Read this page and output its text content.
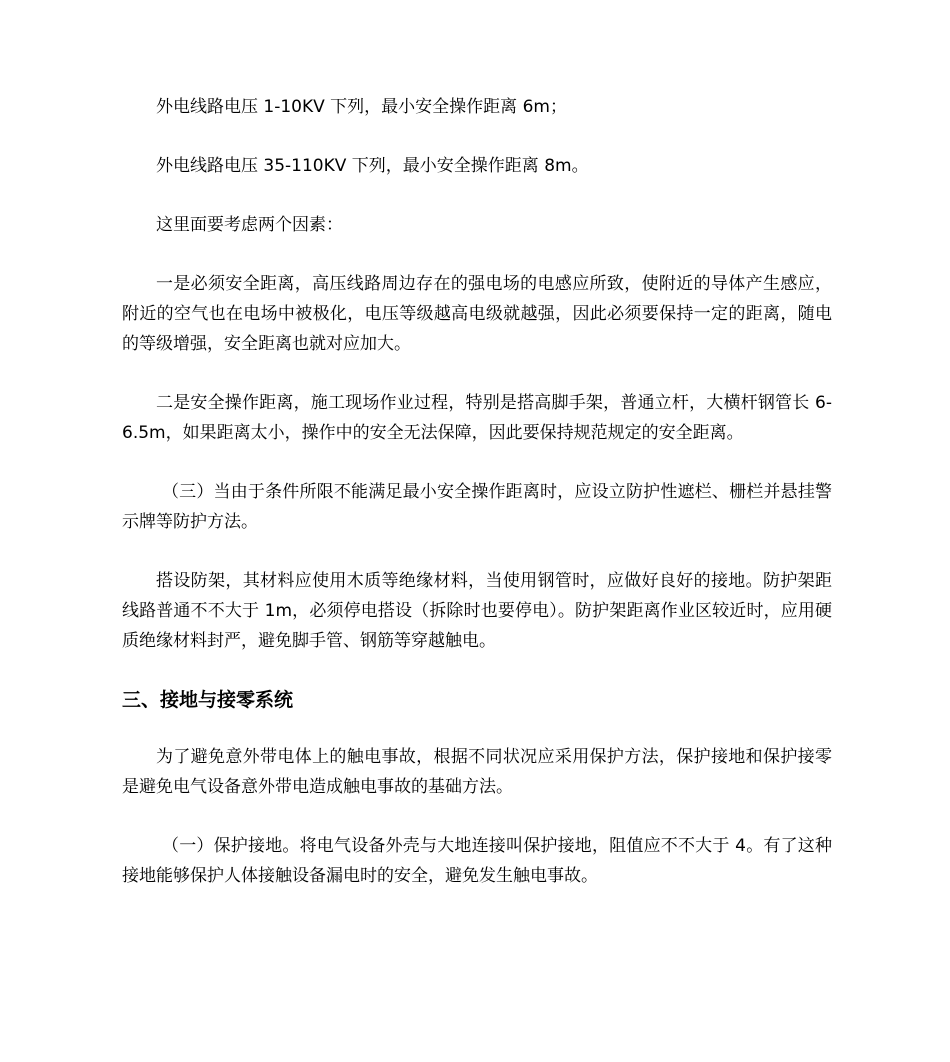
外电线路电压 1-10KV 下列，最小安全操作距离 6m；

外电线路电压 35-110KV 下列，最小安全操作距离 8m。

这里面要考虑两个因素：

一是必须安全距离，高压线路周边存在的强电场的电感应所致，使附近的导体产生感应，附近的空气也在电场中被极化，电压等级越高电级就越强，因此必须要保持一定的距离，随电的等级增强，安全距离也就对应加大。

二是安全操作距离，施工现场作业过程，特别是搭高脚手架，普通立杆，大横杆钢管长 6-6.5m，如果距离太小，操作中的安全无法保障，因此要保持规范规定的安全距离。

（三）当由于条件所限不能满足最小安全操作距离时，应设立防护性遮栏、栅栏并悬挂警示牌等防护方法。

搭设防架，其材料应使用木质等绝缘材料，当使用钢管时，应做好良好的接地。防护架距线路普通不不大于 1m，必须停电搭设（拆除时也要停电）。防护架距离作业区较近时，应用硬质绝缘材料封严，避免脚手管、钢筋等穿越触电。

三、接地与接零系统

为了避免意外带电体上的触电事故，根据不同状况应采用保护方法，保护接地和保护接零是避免电气设备意外带电造成触电事故的基础方法。

（一）保护接地。将电气设备外壳与大地连接叫保护接地，阻值应不不大于 4。有了这种接地能够保护人体接触设备漏电时的安全，避免发生触电事故。
